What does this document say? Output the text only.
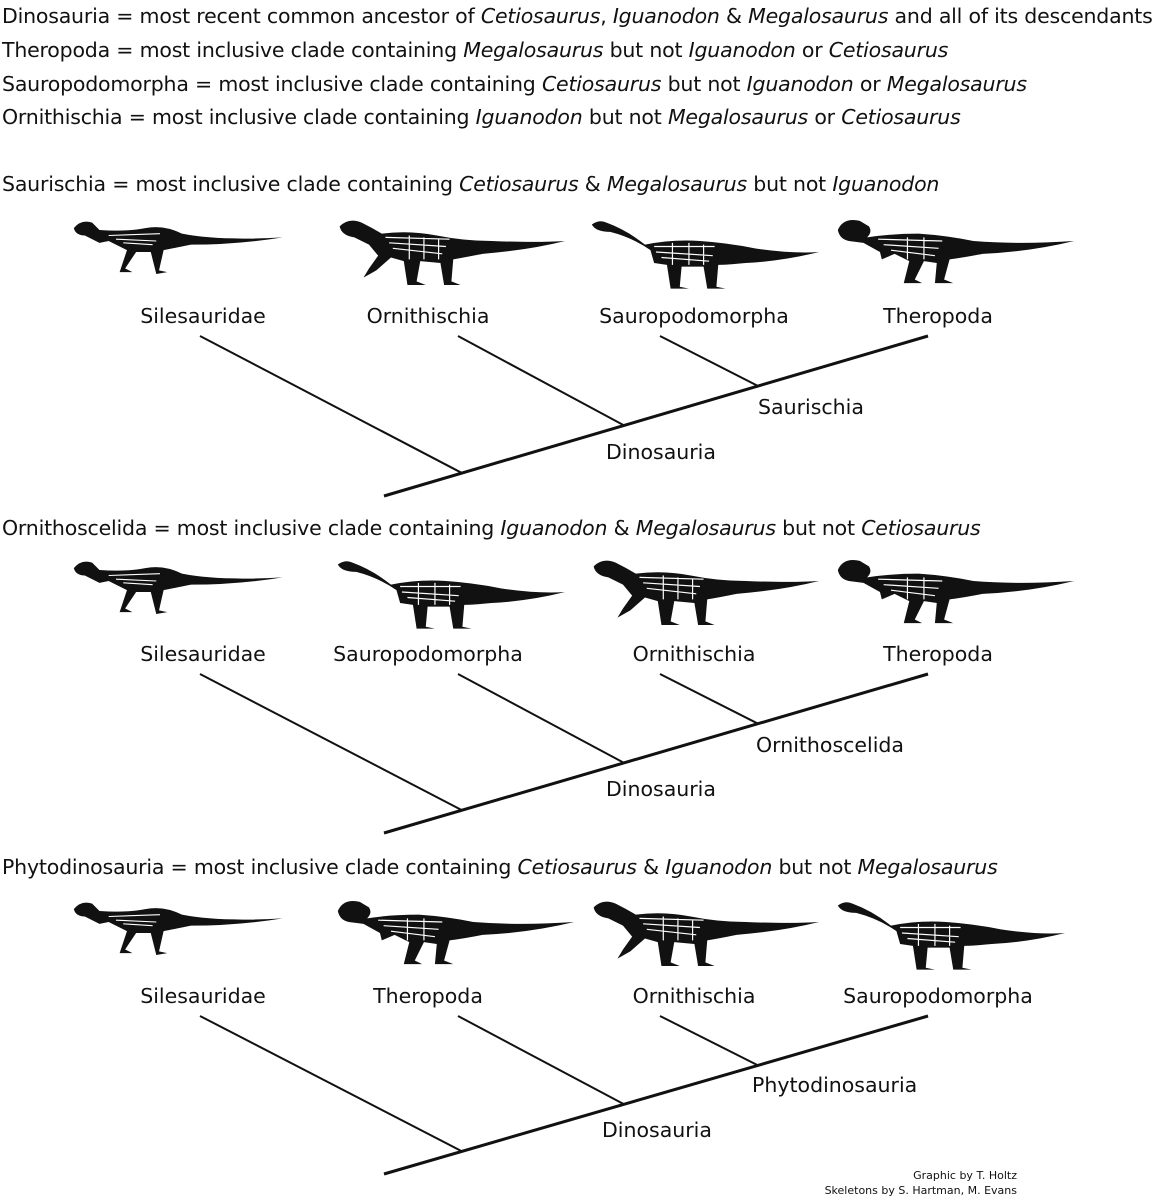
Dinosauria = most recent common ancestor of Cetiosaurus, Iguanodon & Megalosaurus and all of its descendants
Theropoda = most inclusive clade containing Megalosaurus but not Iguanodon or Cetiosaurus
Sauropodomorpha = most inclusive clade containing Cetiosaurus but not Iguanodon or Megalosaurus
Ornithischia = most inclusive clade containing Iguanodon but not Megalosaurus or Cetiosaurus
Saurischia = most inclusive clade containing Cetiosaurus & Megalosaurus but not Iguanodon
Silesauridae	Ornithischia	Sauropodomorpha	Theropoda
Saurischia
Dinosauria
Ornithoscelida = most inclusive clade containing Iguanodon & Megalosaurus but not Cetiosaurus
Silesauridae	Sauropodomorpha	Ornithischia	Theropoda
Ornithoscelida
Dinosauria
Phytodinosauria = most inclusive clade containing Cetiosaurus & Iguanodon but not Megalosaurus
Silesauridae	Theropoda	Ornithischia	Sauropodomorpha
Phytodinosauria
Dinosauria
Graphic by T. Holtz
Skeletons by S. Hartman, M. Evans
